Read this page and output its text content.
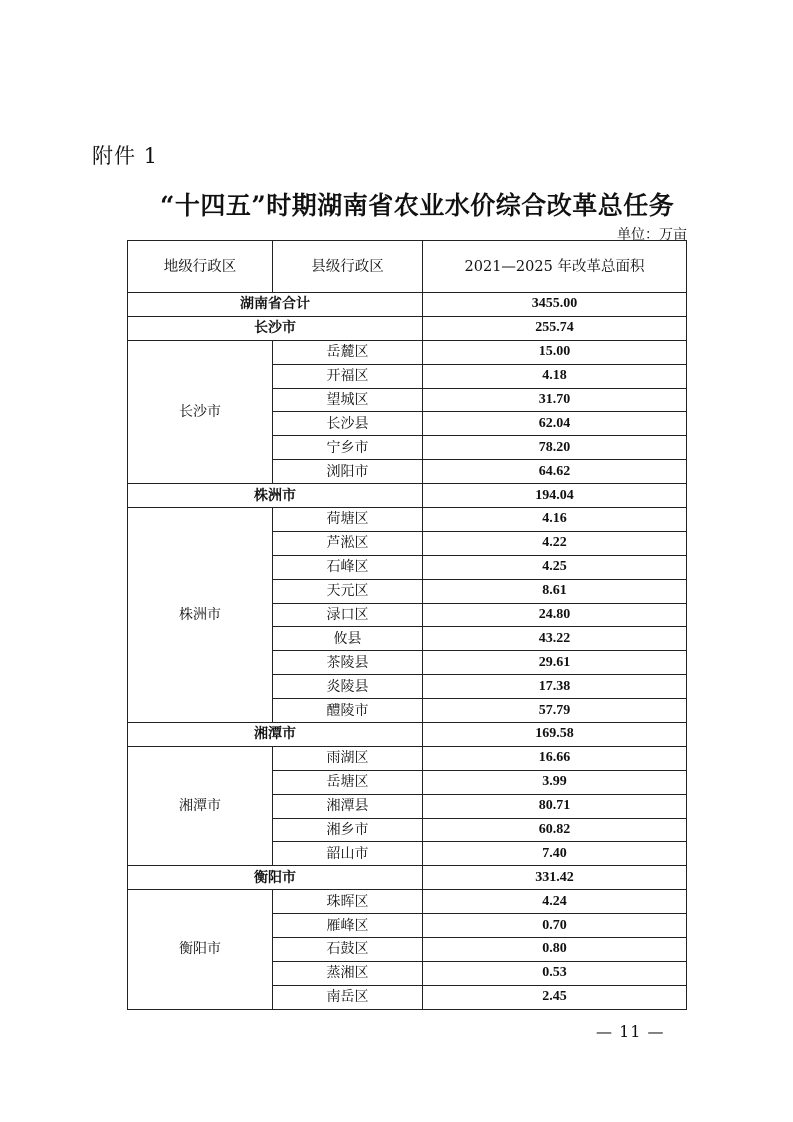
附件 1
“十四五”时期湖南省农业水价综合改革总任务
单位：万亩
地级行政区	县级行政区	2021—2025 年改革总面积
湖南省合计		3455.00
长沙市		255.74
长沙市	岳麓区	15.00
	开福区	4.18
	望城区	31.70
	长沙县	62.04
	宁乡市	78.20
	浏阳市	64.62
株洲市		194.04
株洲市	荷塘区	4.16
	芦淞区	4.22
	石峰区	4.25
	天元区	8.61
	渌口区	24.80
	攸县	43.22
	茶陵县	29.61
	炎陵县	17.38
	醴陵市	57.79
湘潭市		169.58
湘潭市	雨湖区	16.66
	岳塘区	3.99
	湘潭县	80.71
	湘乡市	60.82
	韶山市	7.40
衡阳市		331.42
衡阳市	珠晖区	4.24
	雁峰区	0.70
	石鼓区	0.80
	蒸湘区	0.53
	南岳区	2.45
— 11 —
